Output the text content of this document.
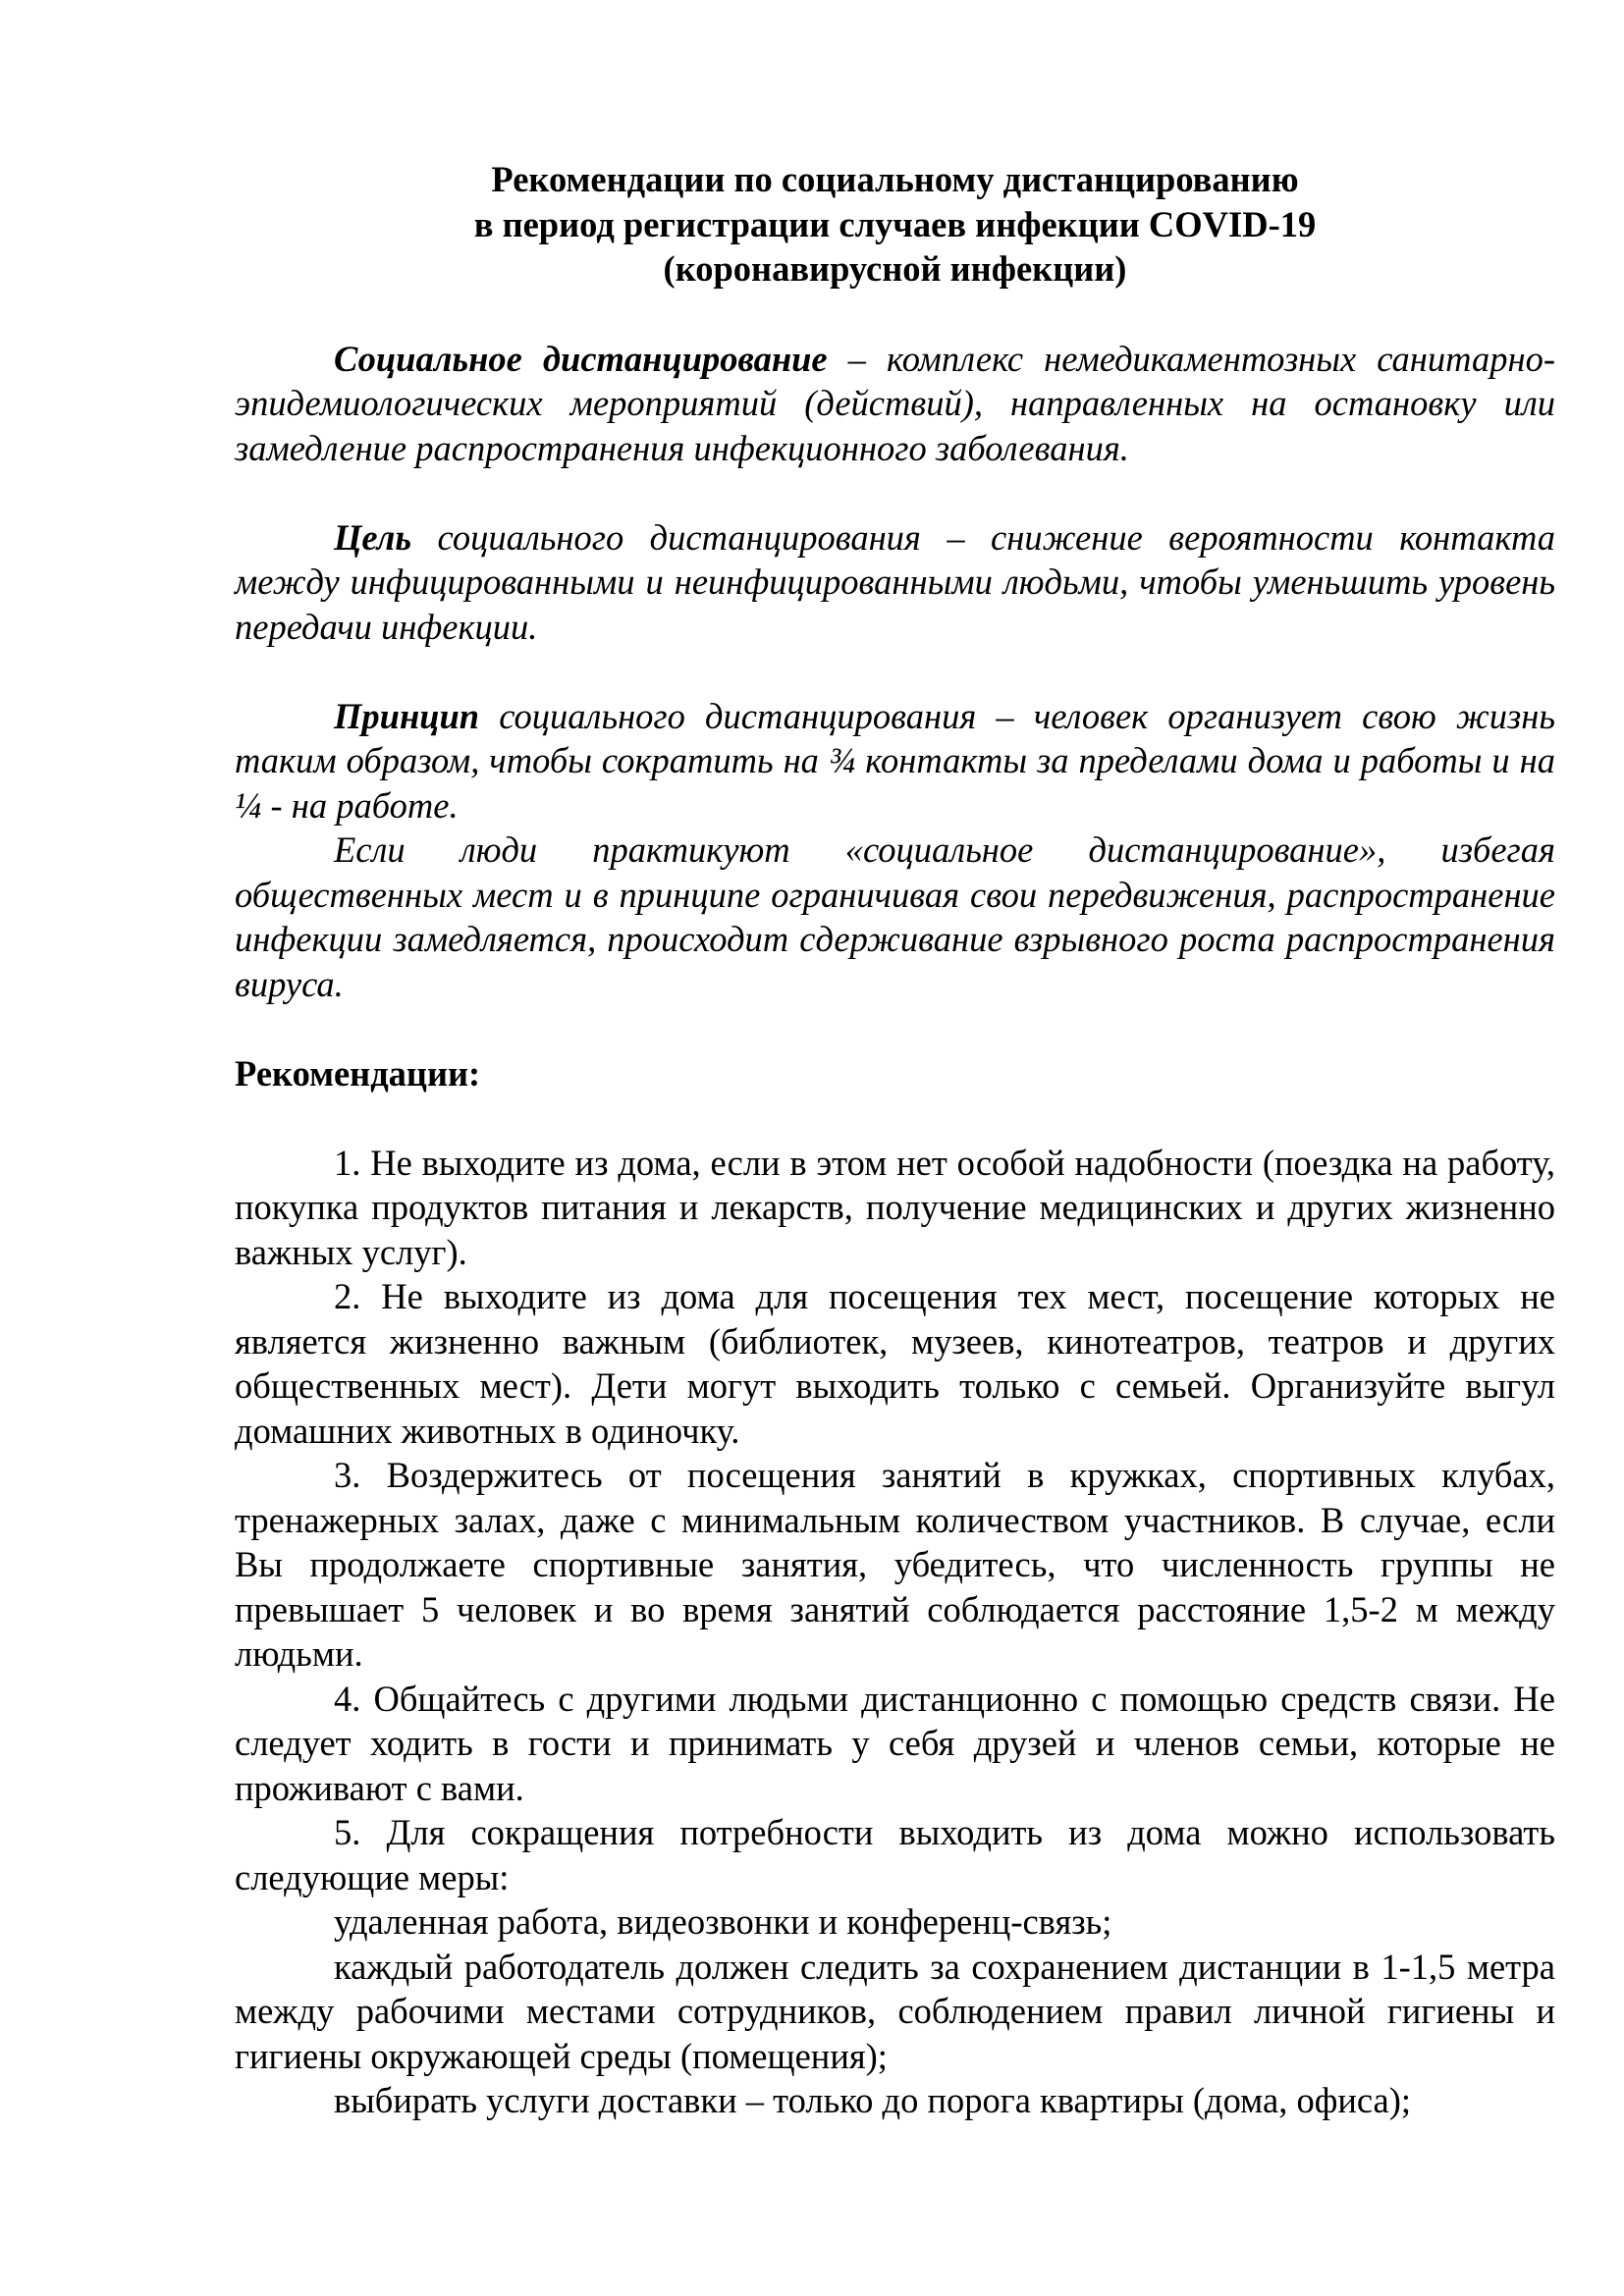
Рекомендации по социальному дистанцированию
в период регистрации случаев инфекции COVID-19
(коронавирусной инфекции)

Социальное дистанцирование – комплекс немедикаментозных санитарно-эпидемиологических мероприятий (действий), направленных на остановку или замедление распространения инфекционного заболевания.

Цель социального дистанцирования – снижение вероятности контакта между инфицированными и неинфицированными людьми, чтобы уменьшить уровень передачи инфекции.

Принцип социального дистанцирования – человек организует свою жизнь таким образом, чтобы сократить на ¾ контакты за пределами дома и работы и на ¼ - на работе.

Если люди практикуют «социальное дистанцирование», избегая общественных мест и в принципе ограничивая свои передвижения, распространение инфекции замедляется, происходит сдерживание взрывного роста распространения вируса.

Рекомендации:

1. Не выходите из дома, если в этом нет особой надобности (поездка на работу, покупка продуктов питания и лекарств, получение медицинских и других жизненно важных услуг).

2. Не выходите из дома для посещения тех мест, посещение которых не является жизненно важным (библиотек, музеев, кинотеатров, театров и других общественных мест). Дети могут выходить только с семьей. Организуйте выгул домашних животных в одиночку.

3. Воздержитесь от посещения занятий в кружках, спортивных клубах, тренажерных залах, даже с минимальным количеством участников. В случае, если Вы продолжаете спортивные занятия, убедитесь, что численность группы не превышает 5 человек и во время занятий соблюдается расстояние 1,5-2 м между людьми.

4. Общайтесь с другими людьми дистанционно с помощью средств связи. Не следует ходить в гости и принимать у себя друзей и членов семьи, которые не проживают с вами.

5. Для сокращения потребности выходить из дома можно использовать следующие меры:

удаленная работа, видеозвонки и конференц-связь;

каждый работодатель должен следить за сохранением дистанции в 1-1,5 метра между рабочими местами сотрудников, соблюдением правил личной гигиены и гигиены окружающей среды (помещения);

выбирать услуги доставки – только до порога квартиры (дома, офиса);
